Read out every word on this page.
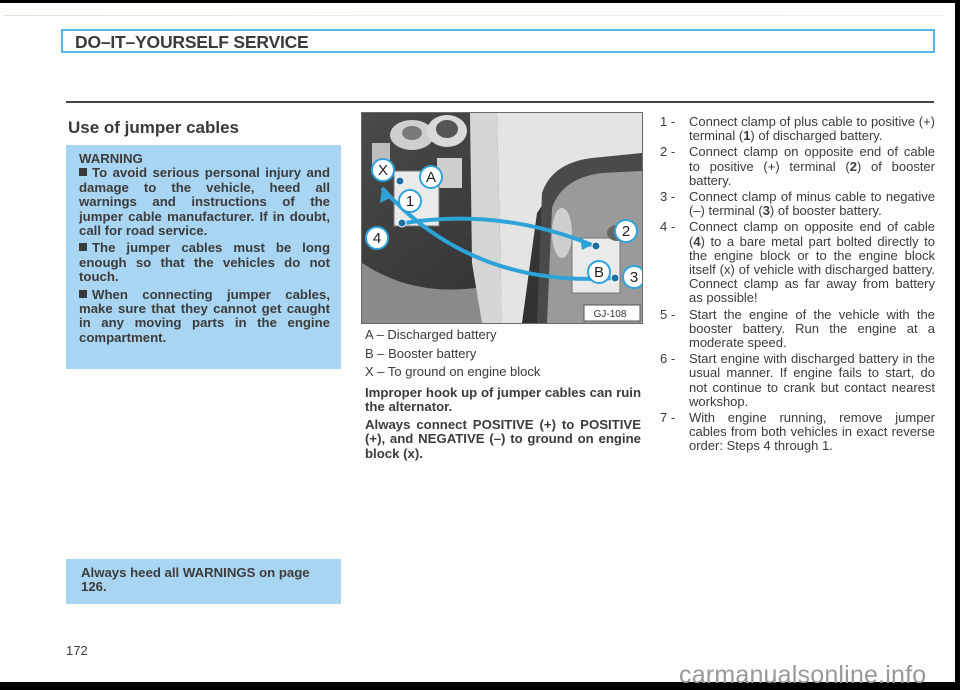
DO–IT–YOURSELF SERVICE
Use of jumper cables
WARNING

To avoid serious personal injury and damage to the vehicle, heed all warnings and instructions of the jumper cable manufacturer. If in doubt, call for road service.

The jumper cables must be long enough so that the vehicles do not touch.

When connecting jumper cables, make sure that they cannot get caught in any moving parts in the engine compartment.

Always heed all WARNINGS on page 126.
172
X	A
1
4	2
B 3
GJ-108
A – Discharged battery
B – Booster battery
X – To ground on engine block
Improper hook up of jumper cables can ruin the alternator.
Always connect POSITIVE (+) to POSITIVE (+), and NEGATIVE (–) to ground on engine block (x).
1 -	Connect clamp of plus cable to positive (+) terminal (1) of discharged battery.
2 -	Connect clamp on opposite end of cable to positive (+) terminal (2) of booster battery.
3 -	Connect clamp of minus cable to negative (–) terminal (3) of booster battery.
4 -	Connect clamp on opposite end of cable (4) to a bare metal part bolted directly to the engine block or to the engine block itself (x) of vehicle with discharged battery. Connect clamp as far away from battery as possible!
5 -	Start the engine of the vehicle with the booster battery. Run the engine at a moderate speed.
6 -	Start engine with discharged battery in the usual manner. If engine fails to start, do not continue to crank but contact nearest workshop.
7 -	With engine running, remove jumper cables from both vehicles in exact reverse order: Steps 4 through 1.
carmanualsonline.info
